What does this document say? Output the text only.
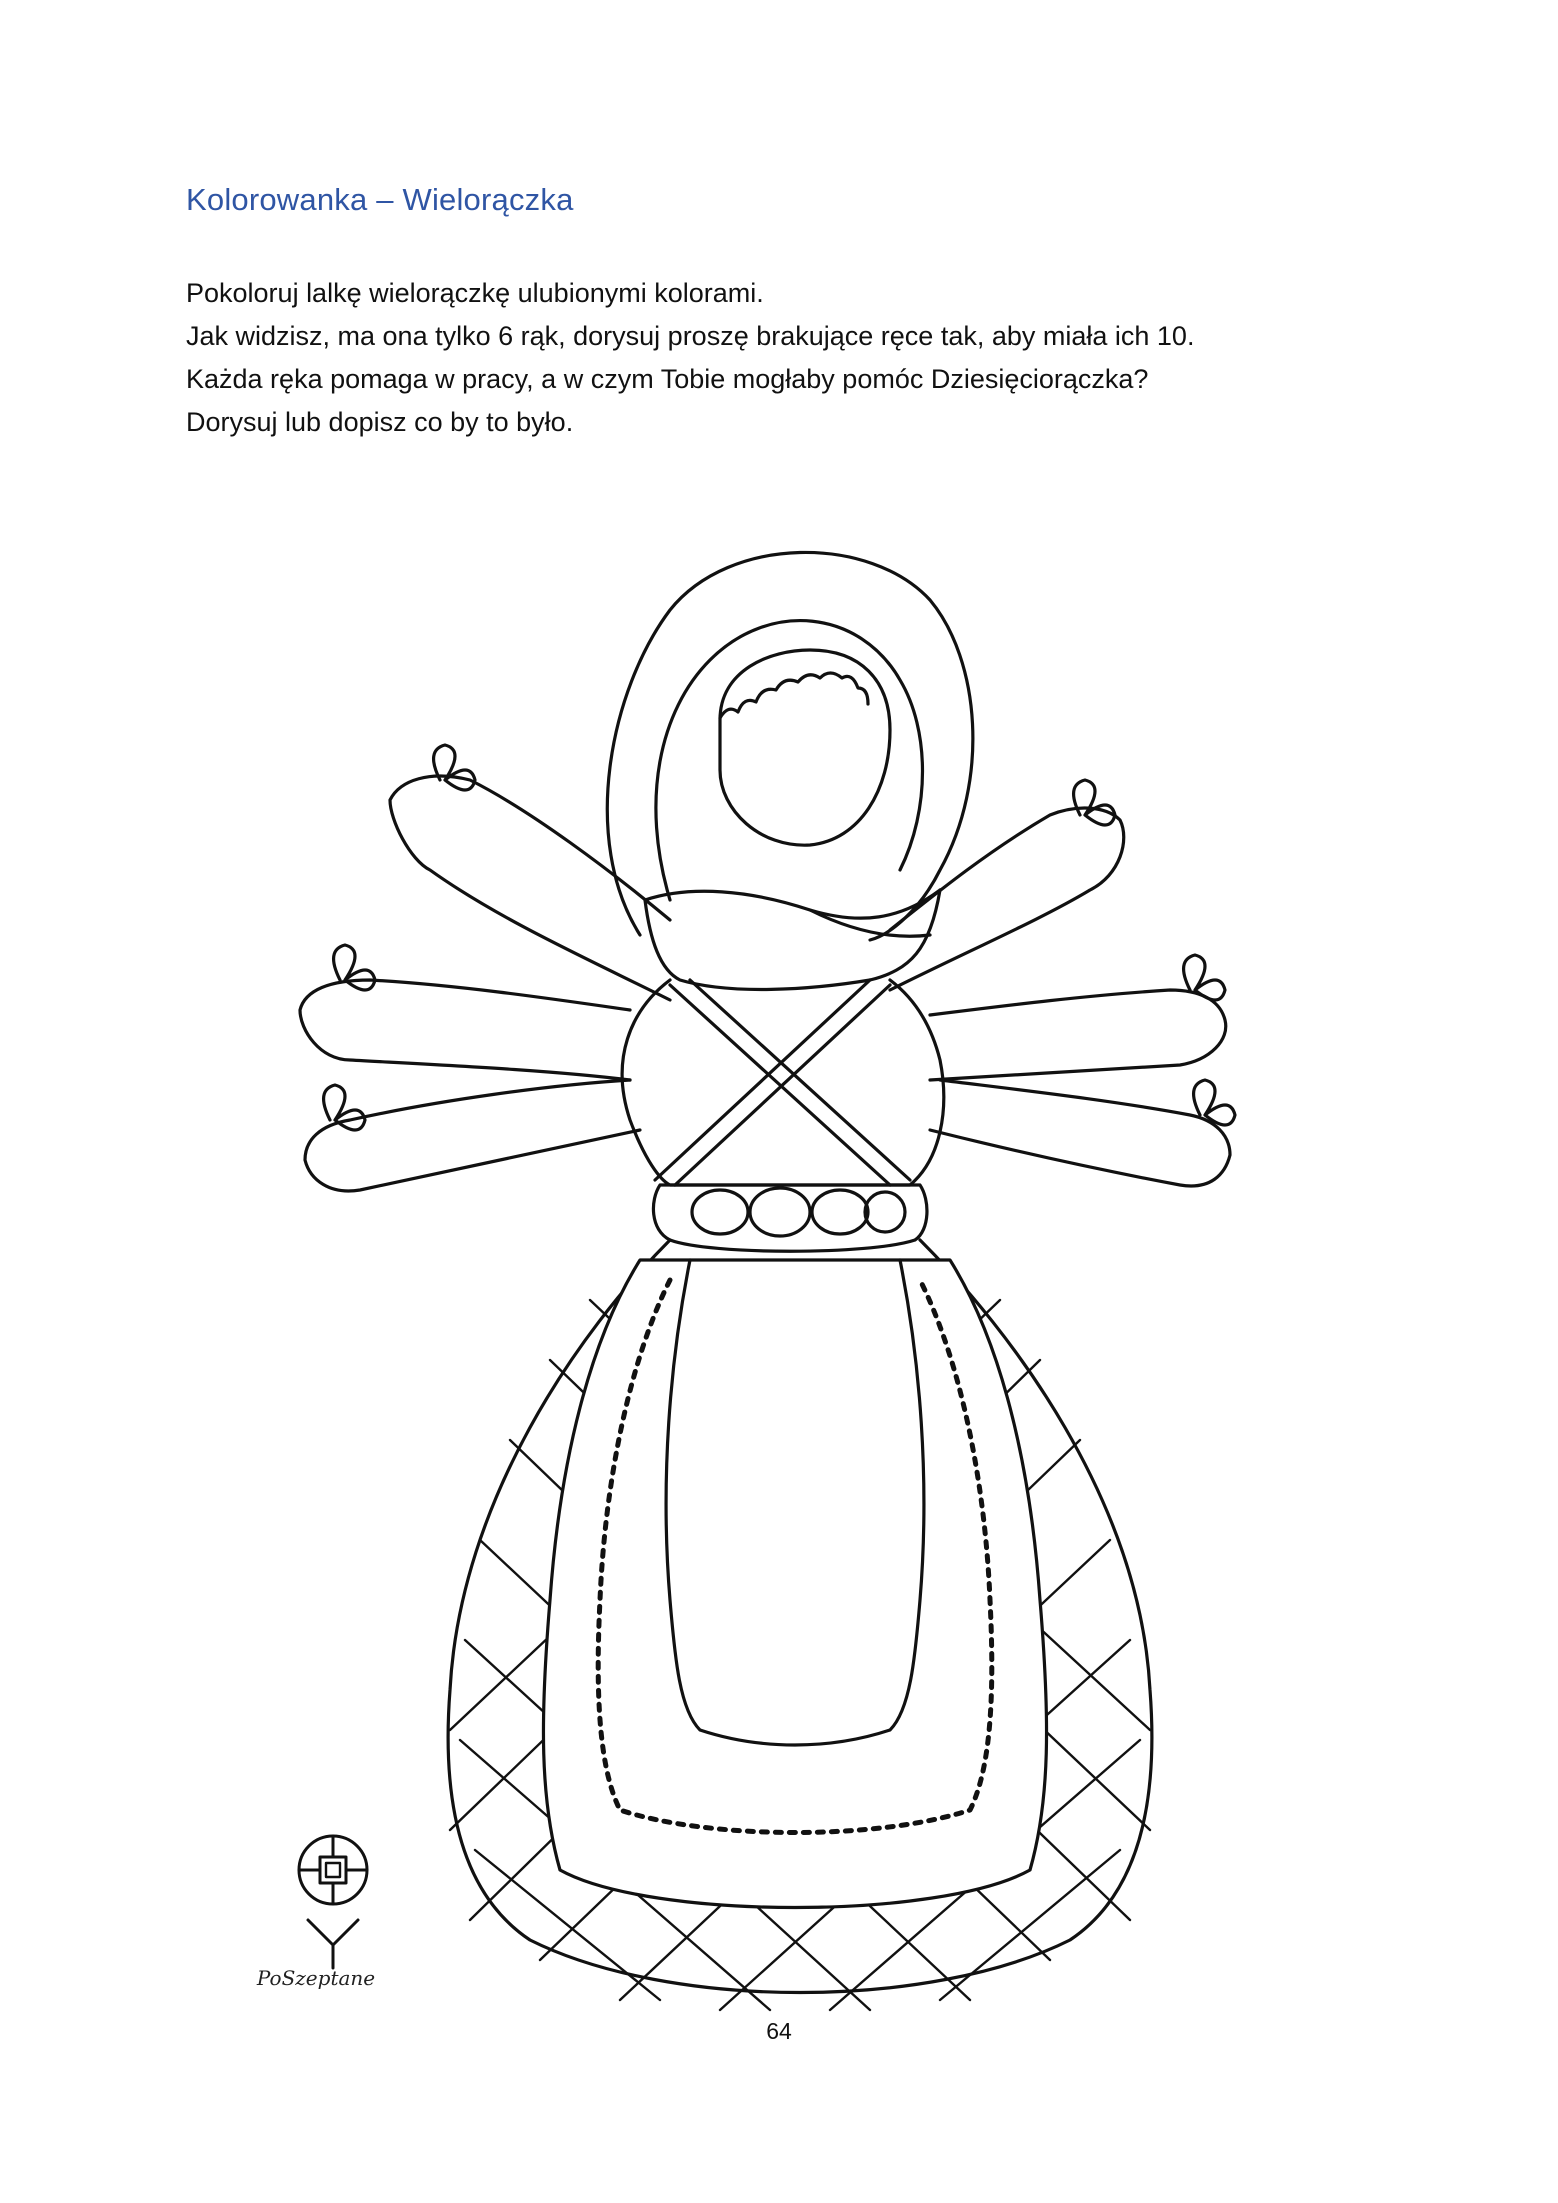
Kolorowanka – Wielorączka
Pokoloruj lalkę wielorączkę ulubionymi kolorami.
Jak widzisz, ma ona tylko 6 rąk, dorysuj proszę brakujące ręce tak, aby miała ich 10.
Każda ręka pomaga w pracy, a w czym Tobie mogłaby pomóc Dziesięciorączka?
Dorysuj lub dopisz co by to było.
PoSzeptane
64
